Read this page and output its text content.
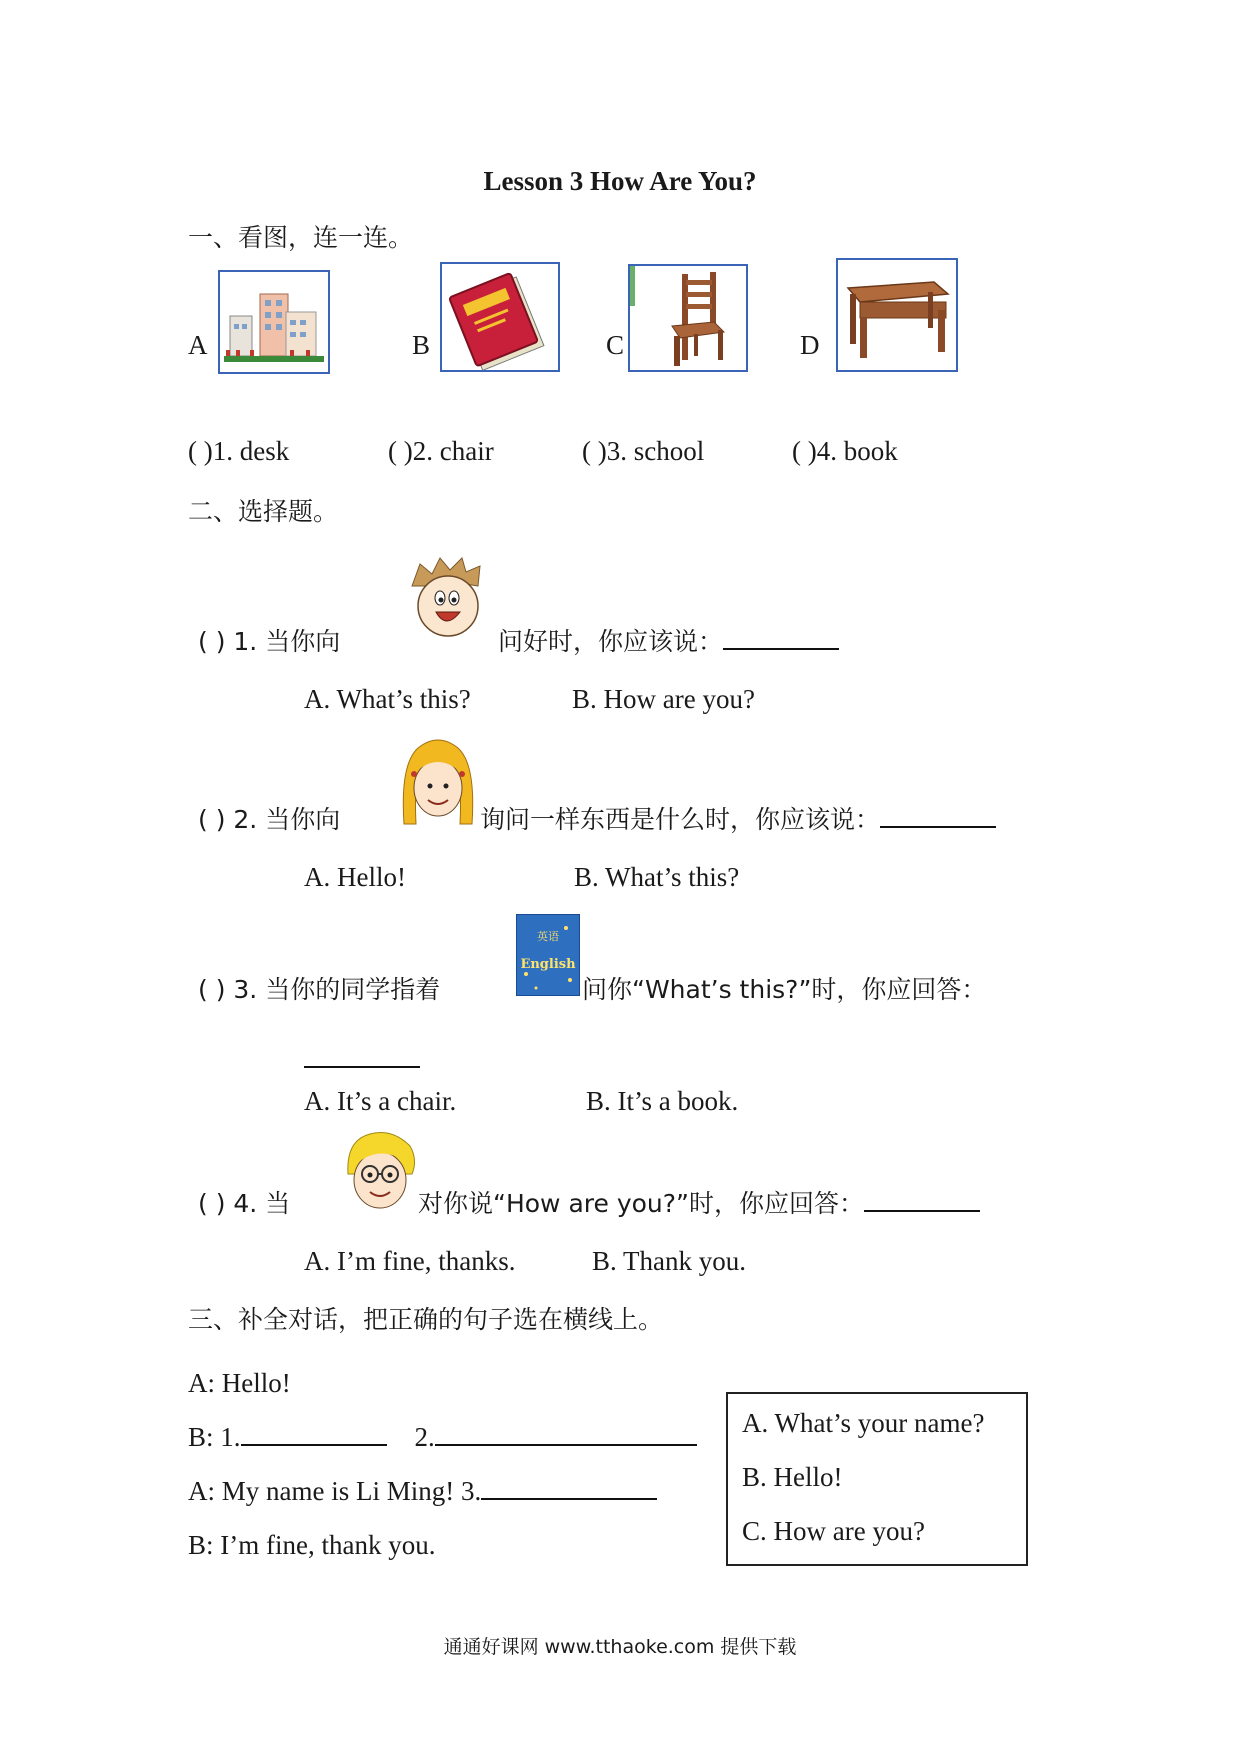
Lesson 3 How Are You?
一、看图，连一连。
A	B	C	D
( )1. desk	( )2. chair	( )3. school	( )4. book
二、选择题。
( ) 1. 当你向	问好时，你应该说：
A. What’s this?	B. How are you?
( ) 2. 当你向	询问一样东西是什么时，你应该说：
A. Hello!	B. What’s this?
( ) 3. 当你的同学指着
英语
English
问你“What’s this?”时，你应回答：
A. It’s a chair.	B. It’s a book.
( ) 4. 当	对你说“How are you?”时，你应回答：
A. I’m fine, thanks.	B. Thank you.
三、补全对话，把正确的句子选在横线上。
A: Hello!
B: 1.	2.
A: My name is Li Ming! 3.
B: I’m fine, thank you.
A. What’s your name?
B. Hello!
C. How are you?
通通好课网 www.tthaoke.com 提供下载
